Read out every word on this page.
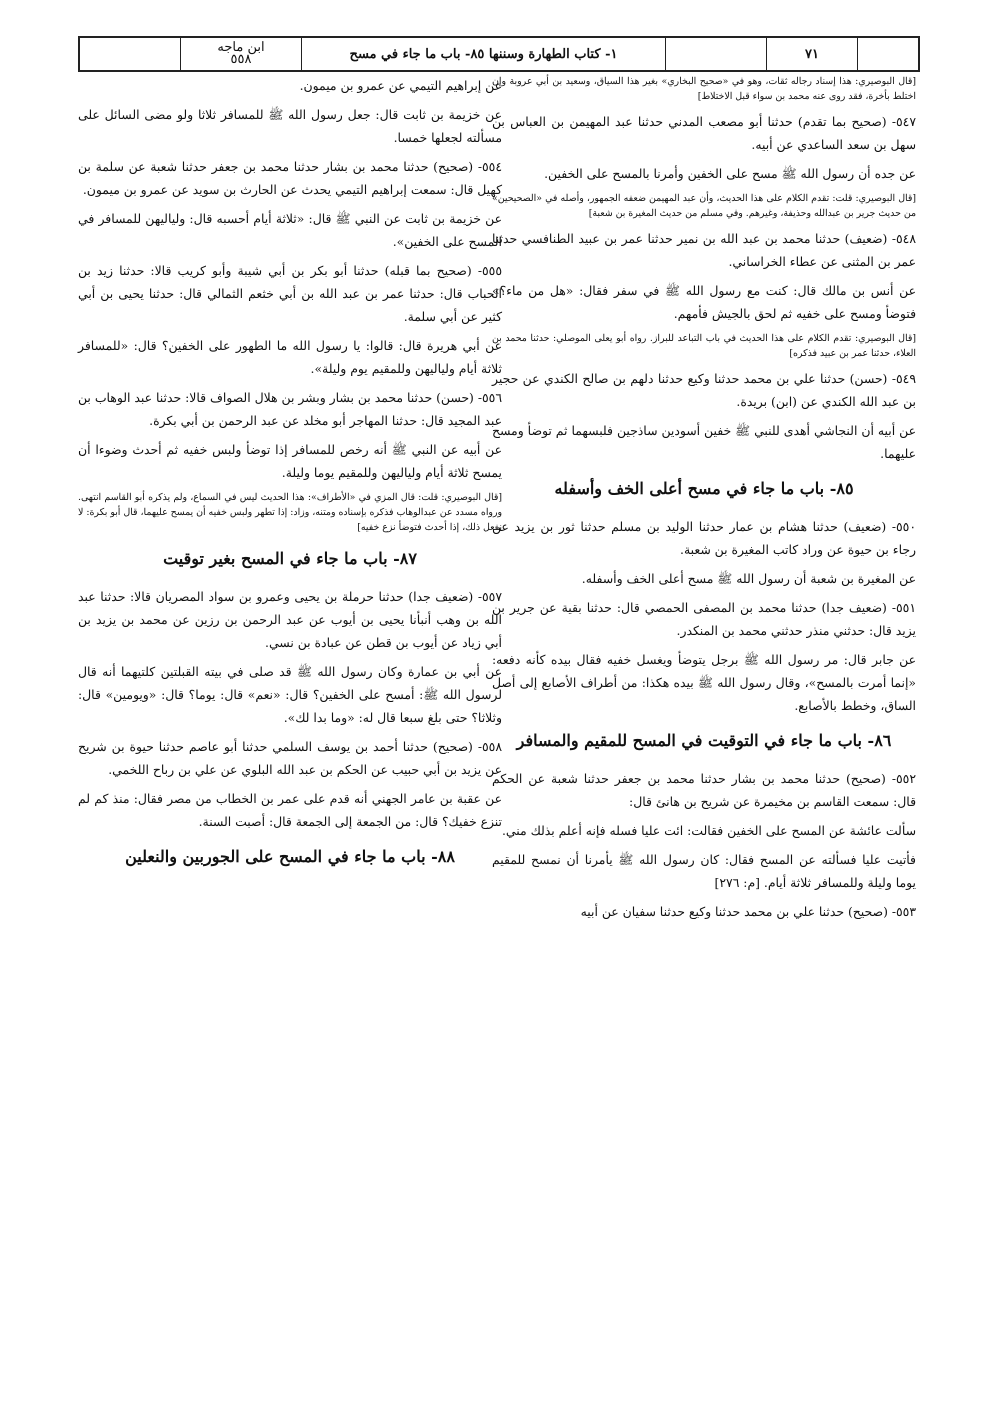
ابن ماجه
٥٥٨	١- كتاب الطهارة وسننها ٨٥- باب ما جاء في مسح	٧١

[قال البوصيري: هذا إسناد رجاله ثقات، وهو في «صحيح البخاري» بغير هذا السياق، وسعيد بن أبي عروبة وإن اختلط بأخرة، فقد روى عنه محمد بن سواء قبل الاختلاط]

٥٤٧- (صحيح بما تقدم) حدثنا أبو مصعب المدني حدثنا عبد المهيمن بن العباس بن سهل بن سعد الساعدي عن أبيه.

عن جده أن رسول الله ﷺ مسح على الخفين وأمرنا بالمسح على الخفين.

[قال البوصيري: قلت: تقدم الكلام على هذا الحديث، وأن عبد المهيمن ضعفه الجمهور، وأصله في «الصحيحين» من حديث جرير بن عبدالله وحذيفة، وغيرهم. وفي مسلم من حديث المغيرة بن شعبة]

٥٤٨- (ضعيف) حدثنا محمد بن عبد الله بن نمير حدثنا عمر بن عبيد الطنافسي حدثنا عمر بن المثنى عن عطاء الخراساني.

عن أنس بن مالك قال: كنت مع رسول الله ﷺ في سفر فقال: «هل من ماء؟» فتوضأ ومسح على خفيه ثم لحق بالجيش فأمهم.

[قال البوصيري: تقدم الكلام على هذا الحديث في باب التباعد للبراز. رواه أبو يعلى الموصلي: حدثنا محمد بن العلاء، حدثنا عمر بن عبيد فذكره]

٥٤٩- (حسن) حدثنا علي بن محمد حدثنا وكيع حدثنا دلهم بن صالح الكندي عن حجير بن عبد الله الكندي عن (ابن) بريدة.

عن أبيه أن النجاشي أهدى للنبي ﷺ خفين أسودين ساذجين فلبسهما ثم توضأ ومسح عليهما.

٨٥- باب ما جاء في مسح أعلى الخف وأسفله

٥٥٠- (ضعيف) حدثنا هشام بن عمار حدثنا الوليد بن مسلم حدثنا ثور بن يزيد عن رجاء بن حيوة عن وراد كاتب المغيرة بن شعبة.

عن المغيرة بن شعبة أن رسول الله ﷺ مسح أعلى الخف وأسفله.

٥٥١- (ضعيف جدا) حدثنا محمد بن المصفى الحمصي قال: حدثنا بقية عن جرير بن يزيد قال: حدثني منذر حدثني محمد بن المنكدر.

عن جابر قال: مر رسول الله ﷺ برجل يتوضأ ويغسل خفيه فقال بيده كأنه دفعه: «إنما أمرت بالمسح»، وقال رسول الله ﷺ بيده هكذا: من أطراف الأصابع إلى أصل الساق، وخطط بالأصابع.

٨٦- باب ما جاء في التوقيت في المسح للمقيم والمسافر

٥٥٢- (صحيح) حدثنا محمد بن بشار حدثنا محمد بن جعفر حدثنا شعبة عن الحكم قال: سمعت القاسم بن مخيمرة عن شريح بن هانئ قال:

سألت عائشة عن المسح على الخفين فقالت: ائت عليا فسله فإنه أعلم بذلك مني.

فأتيت عليا فسألته عن المسح فقال: كان رسول الله ﷺ يأمرنا أن نمسح للمقيم يوما وليلة وللمسافر ثلاثة أيام. [م: ٢٧٦]

٥٥٣- (صحيح) حدثنا علي بن محمد حدثنا وكيع حدثنا سفيان عن أبيه

عن إبراهيم التيمي عن عمرو بن ميمون.

عن خزيمة بن ثابت قال: جعل رسول الله ﷺ للمسافر ثلاثا ولو مضى السائل على مسألته لجعلها خمسا.

٥٥٤- (صحيح) حدثنا محمد بن بشار حدثنا محمد بن جعفر حدثنا شعبة عن سلمة بن كهيل قال: سمعت إبراهيم التيمي يحدث عن الحارث بن سويد عن عمرو بن ميمون.

عن خزيمة بن ثابت عن النبي ﷺ قال: «ثلاثة أيام أحسبه قال: ولياليهن للمسافر في المسح على الخفين».

٥٥٥- (صحيح بما قبله) حدثنا أبو بكر بن أبي شيبة وأبو كريب قالا: حدثنا زيد بن الحباب قال: حدثنا عمر بن عبد الله بن أبي خثعم الثمالي قال: حدثنا يحيى بن أبي كثير عن أبي سلمة.

عن أبي هريرة قال: قالوا: يا رسول الله ما الطهور على الخفين؟ قال: «للمسافر ثلاثة أيام ولياليهن وللمقيم يوم وليلة».

٥٥٦- (حسن) حدثنا محمد بن بشار وبشر بن هلال الصواف قالا: حدثنا عبد الوهاب بن عبد المجيد قال: حدثنا المهاجر أبو مخلد عن عبد الرحمن بن أبي بكرة.

عن أبيه عن النبي ﷺ أنه رخص للمسافر إذا توضأ ولبس خفيه ثم أحدث وضوءا أن يمسح ثلاثة أيام ولياليهن وللمقيم يوما وليلة.

[قال البوصيري: قلت: قال المزي في «الأطراف»: هذا الحديث ليس في السماع، ولم يذكره أبو القاسم انتهى. ورواه مسدد عن عبدالوهاب فذكره بإسناده ومتنه، وزاد: إذا تطهر ولبس خفيه أن يمسح عليهما، قال أبو بكرة: لا نفعل ذلك، إذا أحدث فتوضأ نزع خفيه]

٨٧- باب ما جاء في المسح بغير توقيت

٥٥٧- (ضعيف جدا) حدثنا حرملة بن يحيى وعمرو بن سواد المصريان قالا: حدثنا عبد الله بن وهب أنبأنا يحيى بن أيوب عن عبد الرحمن بن رزين عن محمد بن يزيد بن أبي زياد عن أيوب بن قطن عن عبادة بن نسي.

عن أبي بن عمارة وكان رسول الله ﷺ قد صلى في بيته القبلتين كلتيهما أنه قال لرسول الله ﷺ: أمسح على الخفين؟ قال: «نعم» قال: يوما؟ قال: «ويومين» قال: وثلاثا؟ حتى بلغ سبعا قال له: «وما بدا لك».

٥٥٨- (صحيح) حدثنا أحمد بن يوسف السلمي حدثنا أبو عاصم حدثنا حيوة بن شريح عن يزيد بن أبي حبيب عن الحكم بن عبد الله البلوي عن علي بن رباح اللخمي.

عن عقبة بن عامر الجهني أنه قدم على عمر بن الخطاب من مصر فقال: منذ كم لم تنزع خفيك؟ قال: من الجمعة إلى الجمعة قال: أصبت السنة.

٨٨- باب ما جاء في المسح على الجوربين والنعلين
